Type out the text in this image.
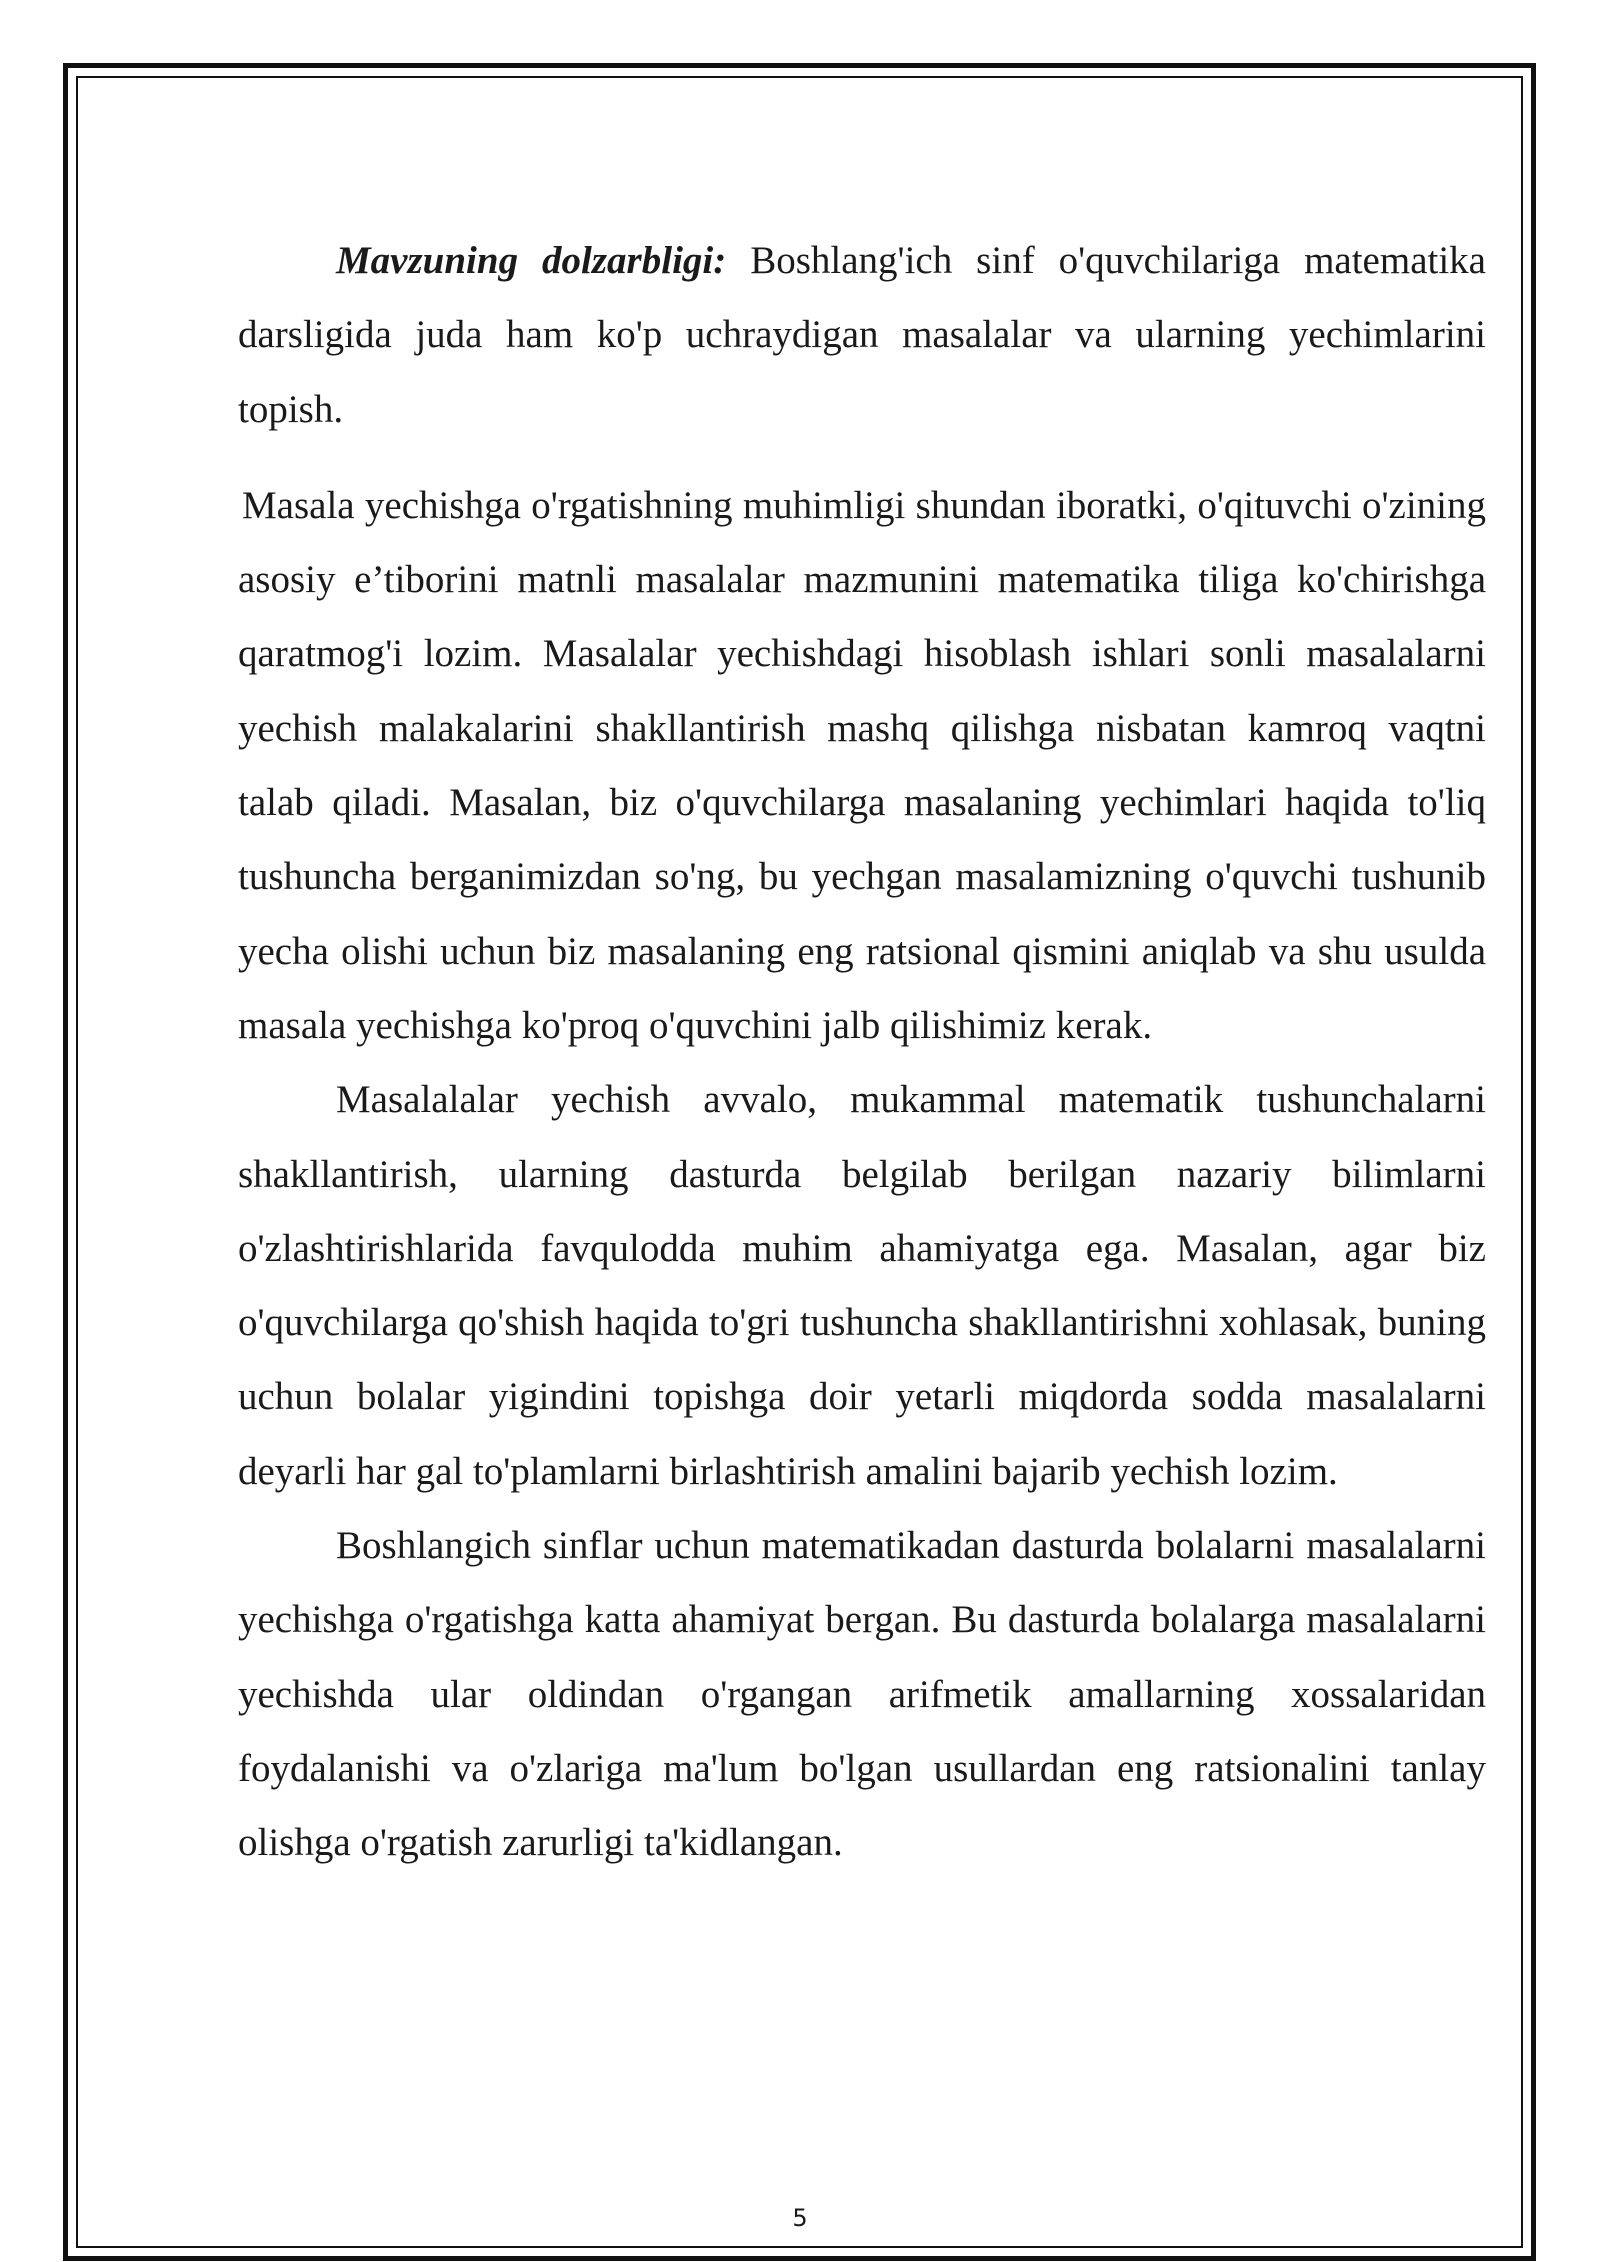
Mavzuning dolzarbligi: Boshlang'ich sinf o'quvchilariga matematika darsligida juda ham ko'p uchraydigan masalalar va ularning yechimlarini topish.

Masala yechishga o'rgatishning muhimligi shundan iboratki, o'qituvchi o'zining asosiy e’tiborini matnli masalalar mazmunini matematika tiliga ko'chirishga qaratmog'i lozim. Masalalar yechishdagi hisoblash ishlari sonli masalalarni yechish malakalarini shakllantirish mashq qilishga nisbatan kamroq vaqtni talab qiladi. Masalan, biz o'quvchilarga masalaning yechimlari haqida to'liq tushuncha berganimizdan so'ng, bu yechgan masalamizning o'quvchi tushunib yecha olishi uchun biz masalaning eng ratsional qismini aniqlab va shu usulda masala yechishga ko'proq o'quvchini jalb qilishimiz kerak.

Masalalalar yechish avvalo, mukammal matematik tushunchalarni shakllantirish, ularning dasturda belgilab berilgan nazariy bilimlarni o'zlashtirishlarida favqulodda muhim ahamiyatga ega. Masalan, agar biz o'quvchilarga qo'shish haqida to'gri tushuncha shakllantirishni xohlasak, buning uchun bolalar yigindini topishga doir yetarli miqdorda sodda masalalarni deyarli har gal to'plamlarni birlashtirish amalini bajarib yechish lozim.

Boshlangich sinflar uchun matematikadan dasturda bolalarni masalalarni yechishga o'rgatishga katta ahamiyat bergan. Bu dasturda bolalarga masalalarni yechishda ular oldindan o'rgangan arifmetik amallarning xossalaridan foydalanishi va o'zlariga ma'lum bo'lgan usullardan eng ratsionalini tanlay olishga o'rgatish zarurligi ta'kidlangan.

5
